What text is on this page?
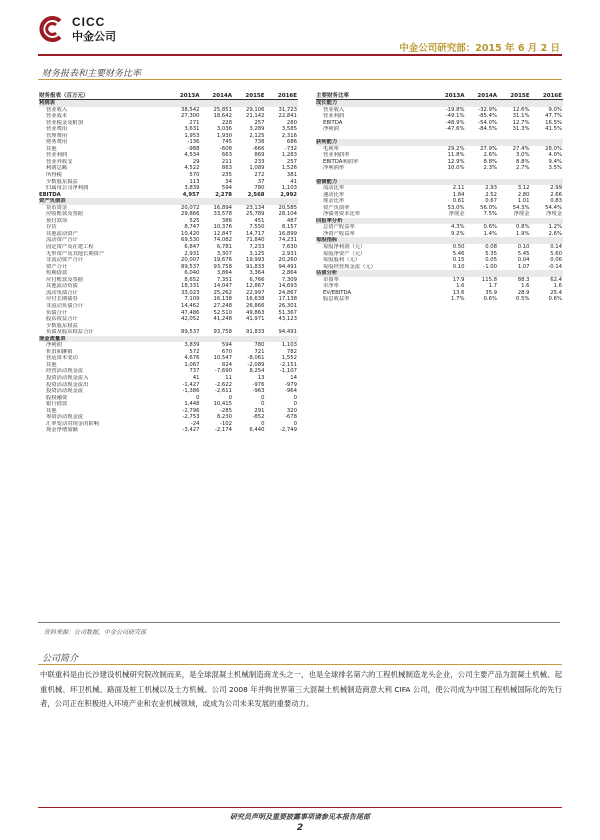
CICC
中金公司
中金公司研究部：2015 年 6 月 2 日
财务报表和主要财务比率
财务报表（百万元）	2013A	2014A	2015E	2016E
利润表
营业收入	38,542	25,851	29,106	31,723
营业成本	27,300	18,642	21,142	22,841
营业税金及附加	271	228	257	280
营业费用	3,631	3,036	3,289	3,585
管理费用	1,953	1,930	2,125	2,316
财务费用	-136	745	738	686
其他	-988	-608	-666	-732
营业利润	4,534	663	869	1,283
营业外收支	29	211	233	257
利润总额	4,522	863	1,089	1,526
所得税	570	235	272	381
少数股东损益	113	34	37	41
归属母公司净利润	3,839	594	780	1,103
EBITDA	4,957	2,278	2,568	2,992
资产负债表
货币资金	20,072	16,894	23,134	20,585
应收账款及票据	29,866	33,578	25,789	28,104
预付款项	525	386	451	487
存货	8,747	10,376	7,550	8,157
其他流动资产	10,420	12,847	14,717	16,899
流动资产合计	69,530	74,082	71,840	74,231
固定资产及在建工程	6,847	6,781	7,233	7,630
无形资产及其他长期资产	2,931	3,307	3,125	2,931
非流动资产合计	20,007	19,676	19,993	20,260
资产合计	89,537	93,758	91,833	94,491
短期借款	6,040	3,864	3,364	2,864
应付账款及票据	8,652	7,351	6,766	7,309
其他流动负债	18,331	14,047	12,867	14,693
流动负债合计	33,023	25,262	22,997	24,867
应付长期债券	7,109	16,138	16,638	17,138
非流动负债合计	14,462	27,248	26,866	26,301
负债合计	47,486	52,510	49,863	51,367
股东权益合计	42,052	41,248	41,971	43,123
少数股东权益
负债及股东权益合计	89,537	93,758	91,833	94,491
现金流量表
净利润	3,839	594	780	1,103
折旧和摊销	572	670	721	782
营运资本变动	4,676	10,547	-8,061	1,552
其他	1,067	824	-2,089	-2,151
经营活动现金流	737	-7,690	8,254	-1,107
投资活动现金流入	41	11	13	14
投资活动现金流出	-1,427	-2,622	-976	-979
投资活动现金流	-1,386	-2,611	-963	-964
股权融资	0	0	0	0
银行借款	1,448	10,415	0	0
其他	-2,796	-285	291	320
筹资活动现金流	-2,753	8,230	-852	-678
汇率变动对现金的影响	-24	-102	0	0
现金净增加额	-3,427	-2,174	6,440	-2,749
主要财务比率	2013A	2014A	2015E	2016E
成长能力
营业收入	-19.8%	-32.9%	12.6%	9.0%
营业利润	-49.1%	-85.4%	31.1%	47.7%
EBITDA	-48.9%	-54.0%	12.7%	16.5%
净利润	-47.6%	-84.5%	31.3%	41.5%
获利能力
毛利率	29.2%	27.9%	27.4%	28.0%
营业利润率	11.8%	2.6%	3.0%	4.0%
EBITDA利润率	12.9%	8.8%	8.8%	9.4%
净利润率	10.0%	2.3%	2.7%	3.5%
偿债能力
流动比率	2.11	2.93	3.12	2.99
速动比率	1.84	2.52	2.80	2.66
现金比率	0.61	0.67	1.01	0.83
资产负债率	53.0%	56.0%	54.3%	54.4%
净债务资本比率	净现金	7.5%	净现金	净现金
回报率分析
总资产收益率	4.3%	0.6%	0.8%	1.2%
净资产收益率	9.2%	1.4%	1.9%	2.6%
每股指标
每股净利润（元）	0.50	0.08	0.10	0.14
每股净资产（元）	5.46	5.35	5.45	5.60
每股股利（元）	0.15	0.05	0.04	0.06
每股经营现金流（元）	0.10	-1.00	1.07	-0.14
估值分析
市盈率	17.9	115.8	88.3	62.4
市净率	1.6	1.7	1.6	1.6
EV/EBITDA	13.6	35.9	28.9	25.4
股息收益率	1.7%	0.6%	0.5%	0.6%
资料来源：公司数据，中金公司研究部
公司简介
中联重科是由长沙建设机械研究院改制而来，是全球混凝土机械制造商龙头之一，也是全球排名第六的工程机械制造龙头企业，公司主要产品为混凝土机械、起重机械、环卫机械、路面及桩工机械以及土方机械。公司 2008 年并购世界第三大混凝土机械制造商意大利 CIFA 公司，使公司成为中国工程机械国际化的先行者，公司正在积极进入环境产业和农业机械领域，或成为公司未来发展的重要动力。
研究员声明及重要披露事项请参见本报告尾部
2
